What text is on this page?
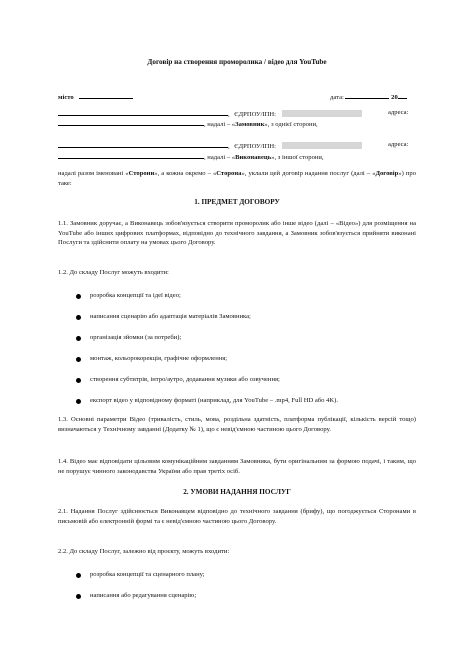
Договір на створення проморолика / відео для YouTube
місто	дата:	20
, ЄДРПОУ/ІПН:	адреса:
, надалі – «Замовник», з однієї сторони,
, ЄДРПОУ/ІПН:	адреса:
, надалі – «Виконавець», з іншої сторони,
надалі разом іменовані «Сторони», а кожна окремо – «Сторона», уклали цей договір надання послуг (далі – «Договір») про таке:
1. ПРЕДМЕТ ДОГОВОРУ
1.1. Замовник доручає, а Виконавець зобов'язується створити проморолик або інше відео (далі – «Відео») для розміщення на YouTube або інших цифрових платформах, відповідно до технічного завдання, а Замовник зобов'язується прийняти виконані Послуги та здійснити оплату на умовах цього Договору.
1.2. До складу Послуг можуть входити:
розробка концепції та ідеї відео;
написання сценарію або адаптація матеріалів Замовника;
організація зйомки (за потреби);
монтаж, кольорокорекція, графічне оформлення;
створення субтитрів, інтро/аутро, додавання музики або озвучення;
експорт відео у відповідному форматі (наприклад, для YouTube – .mp4, Full HD або 4K).
1.3. Основні параметри Відео (тривалість, стиль, мова, роздільна здатність, платформа публікації, кількість версій тощо) визначаються у Технічному завданні (Додатку № 1), що є невід'ємною частиною цього Договору.
1.4. Відео має відповідати цільовим комунікаційним завданням Замовника, бути оригінальним за формою подачі, і таким, що не порушує чинного законодавства України або прав третіх осіб.
2. УМОВИ НАДАННЯ ПОСЛУГ
2.1. Надання Послуг здійснюється Виконавцем відповідно до технічного завдання (брифу), що погоджується Сторонами в письмовій або електронній формі та є невід'ємною частиною цього Договору.
2.2. До складу Послуг, залежно від проєкту, можуть входити:
розробка концепції та сценарного плану;
написання або редагування сценарію;
